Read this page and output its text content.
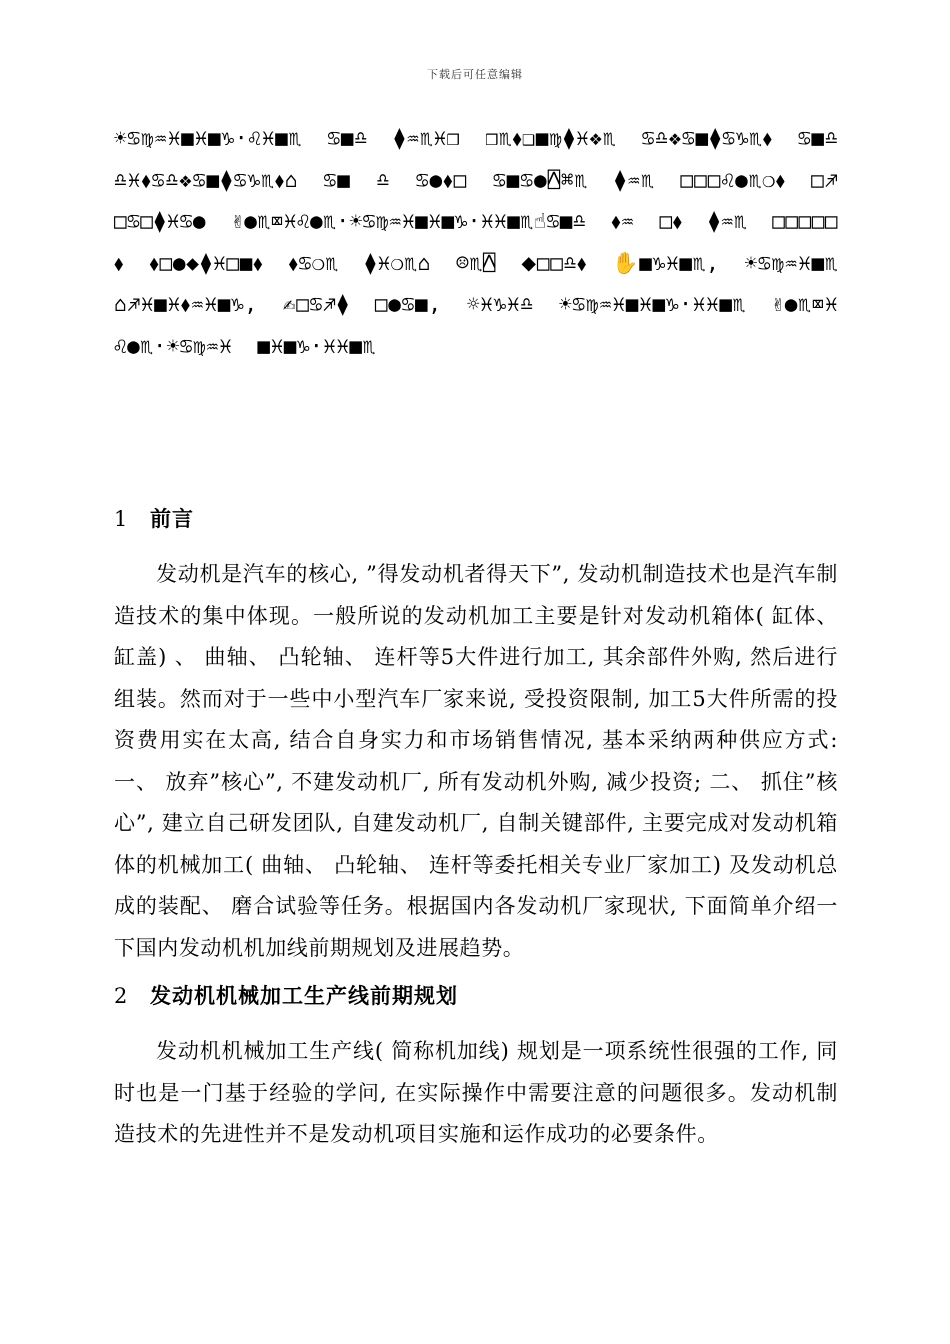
下载后可任意编辑

☀♋♍♒♓■♓■♑⋅♌♓■♏ ♋■♎ ⧫♒♏♓❒ ❒♏⬧❑■♍⧫♓❖♏ ♋♎❖♋■⧫♋♑♏⬧ ♋■♎ ♎♓⬧♋♎❖♋■⧫♋♑♏⬧⌂ ♋■ ♎ ♋●⬧□ ♋■♋●⍓⌘♏ ⧫♒♏ □□□♌●♏❍⬧ □♐ □♋□⧫♓♋● ✌●♏⌧♓♌●♏⋅☀♋♍♒♓■♓■♑⋅♓♓■♏☝♋■♎ ⬧♒ □⬧ ⧫♒♏ □□□□□⬧ ⬧□●◆⧫♓□■⬧ ⬧♋❍♏ ⧫♓❍♏⌂ ☹♏⍓ ⬥□□♎⬧ ✋■♑♓■♏, ☀♋♍♒♓■♏⌂♐♓■♓⬧♒♓■♑, ✍□♋♐⧫ □●♋■, ☼♓♑♓♎ ☀♋♍♒♓■♓■♑⋅♓♓■♏ ✌●♏⌧♓♌●♏⋅☀♋♍♒♓ ■♓■♑⋅♓♓■♏

1 前言

发动机是汽车的核心, ”得发动机者得天下”, 发动机制造技术也是汽车制造技术的集中体现。一般所说的发动机加工主要是针对发动机箱体( 缸体、 缸盖) 、 曲轴、 凸轮轴、 连杆等5大件进行加工, 其余部件外购, 然后进行组装。然而对于一些中小型汽车厂家来说, 受投资限制, 加工5大件所需的投资费用实在太高, 结合自身实力和市场销售情况, 基本采纳两种供应方式: 一、 放弃”核心”, 不建发动机厂, 所有发动机外购, 减少投资; 二、 抓住”核心”, 建立自己研发团队, 自建发动机厂, 自制关键部件, 主要完成对发动机箱体的机械加工( 曲轴、 凸轮轴、 连杆等委托相关专业厂家加工) 及发动机总成的装配、 磨合试验等任务。根据国内各发动机厂家现状, 下面简单介绍一下国内发动机机加线前期规划及进展趋势。

2 发动机机械加工生产线前期规划

发动机机械加工生产线( 简称机加线) 规划是一项系统性很强的工作, 同时也是一门基于经验的学问, 在实际操作中需要注意的问题很多。发动机制造技术的先进性并不是发动机项目实施和运作成功的必要条件。
